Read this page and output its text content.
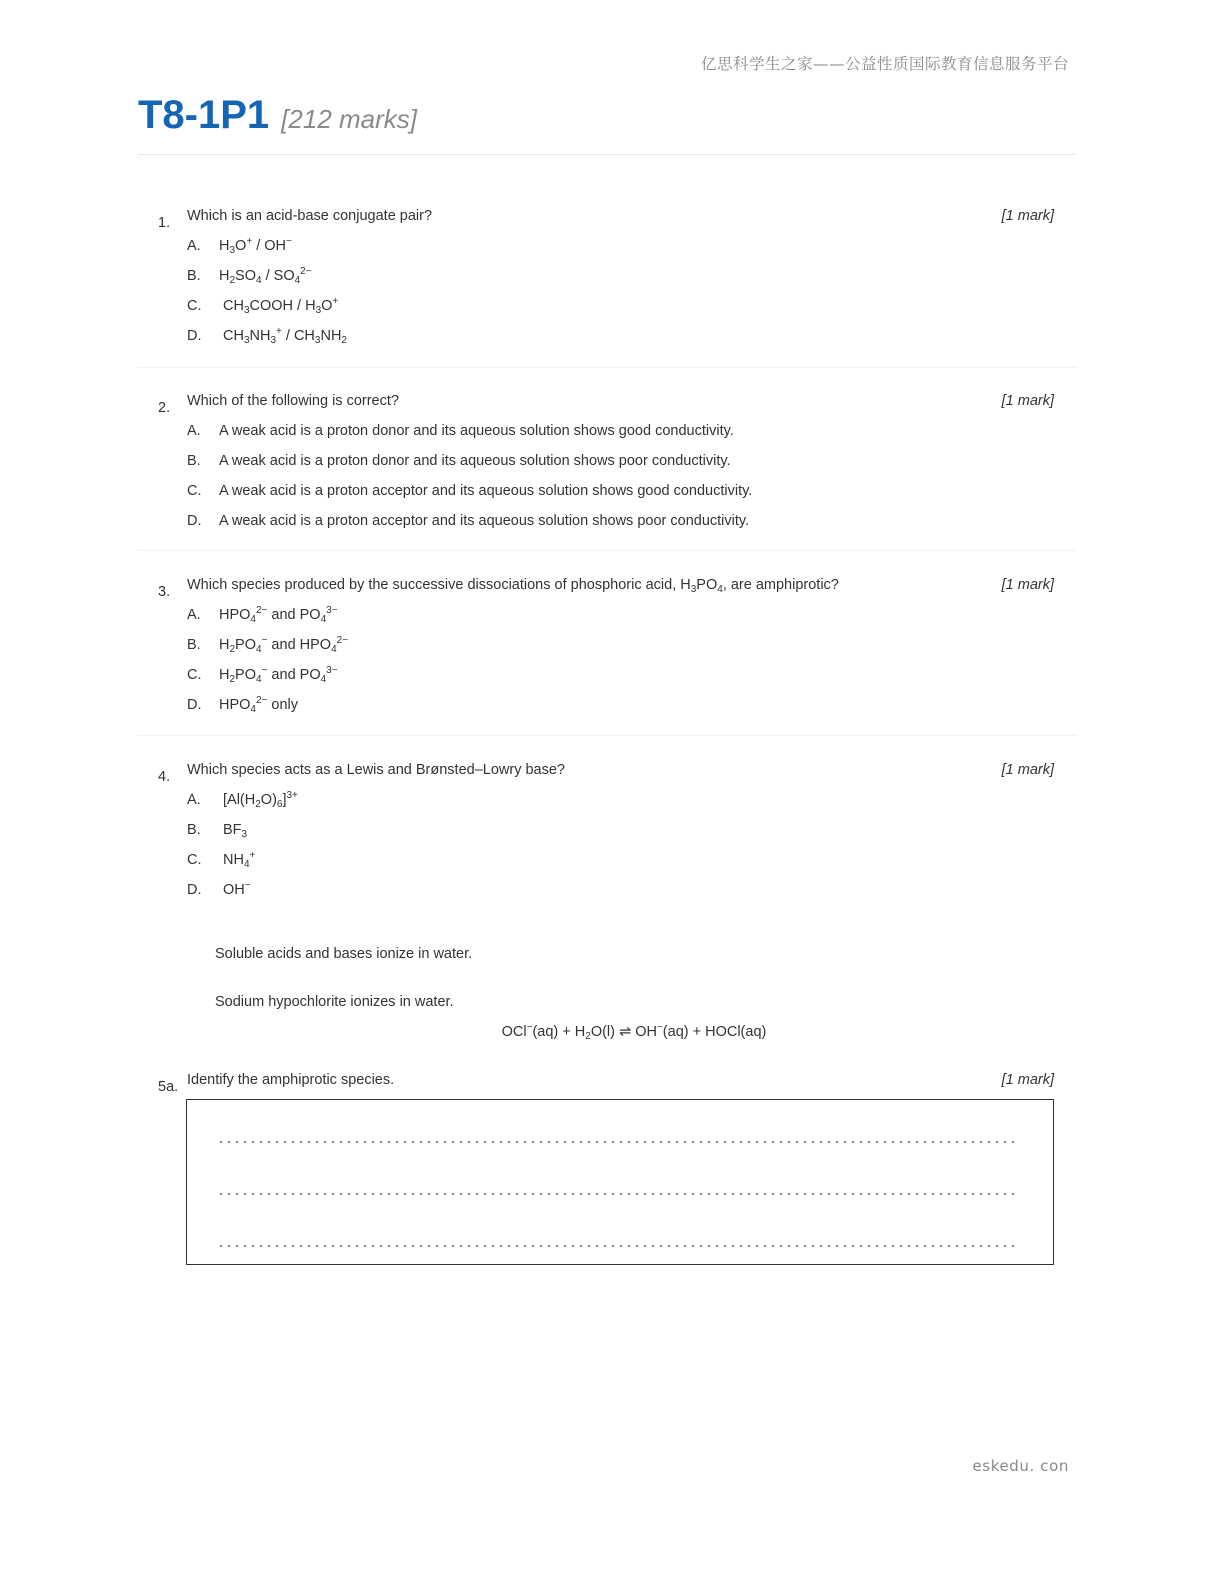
亿思科学生之家——公益性质国际教育信息服务平台
T8-1P1 [212 marks]
1. Which is an acid-base conjugate pair?	[1 mark]
A. $H_3O^+ / OH^-$
B. $H_2SO_4 / SO_4^{2-}$
C. $CH_3COOH / H_3O^+$
D. $CH_3NH_3^+ / CH_3NH_2$
2. Which of the following is correct?	[1 mark]
A. A weak acid is a proton donor and its aqueous solution shows good conductivity.
B. A weak acid is a proton donor and its aqueous solution shows poor conductivity.
C. A weak acid is a proton acceptor and its aqueous solution shows good conductivity.
D. A weak acid is a proton acceptor and its aqueous solution shows poor conductivity.
3. Which species produced by the successive dissociations of phosphoric acid, $H_3PO_4$, are amphiprotic?	[1 mark]
A. $HPO_4^{2-}$ and $PO_4^{3-}$
B. $H_2PO_4^-$ and $HPO_4^{2-}$
C. $H_2PO_4^-$ and $PO_4^{3-}$
D. $HPO_4^{2-}$ only
4. Which species acts as a Lewis and Brønsted–Lowry base?	[1 mark]
A. $[Al(H_2O)_6]^{3+}$
B. $BF_3$
C. $NH_4^+$
D. OH−
Soluble acids and bases ionize in water.
Sodium hypochlorite ionizes in water.
$OCl^-(aq) + H_2O(l)$ ⇌ OH−(aq) + HOCl(aq)
5a. Identify the amphiprotic species.	[1 mark]
eskedu. con
